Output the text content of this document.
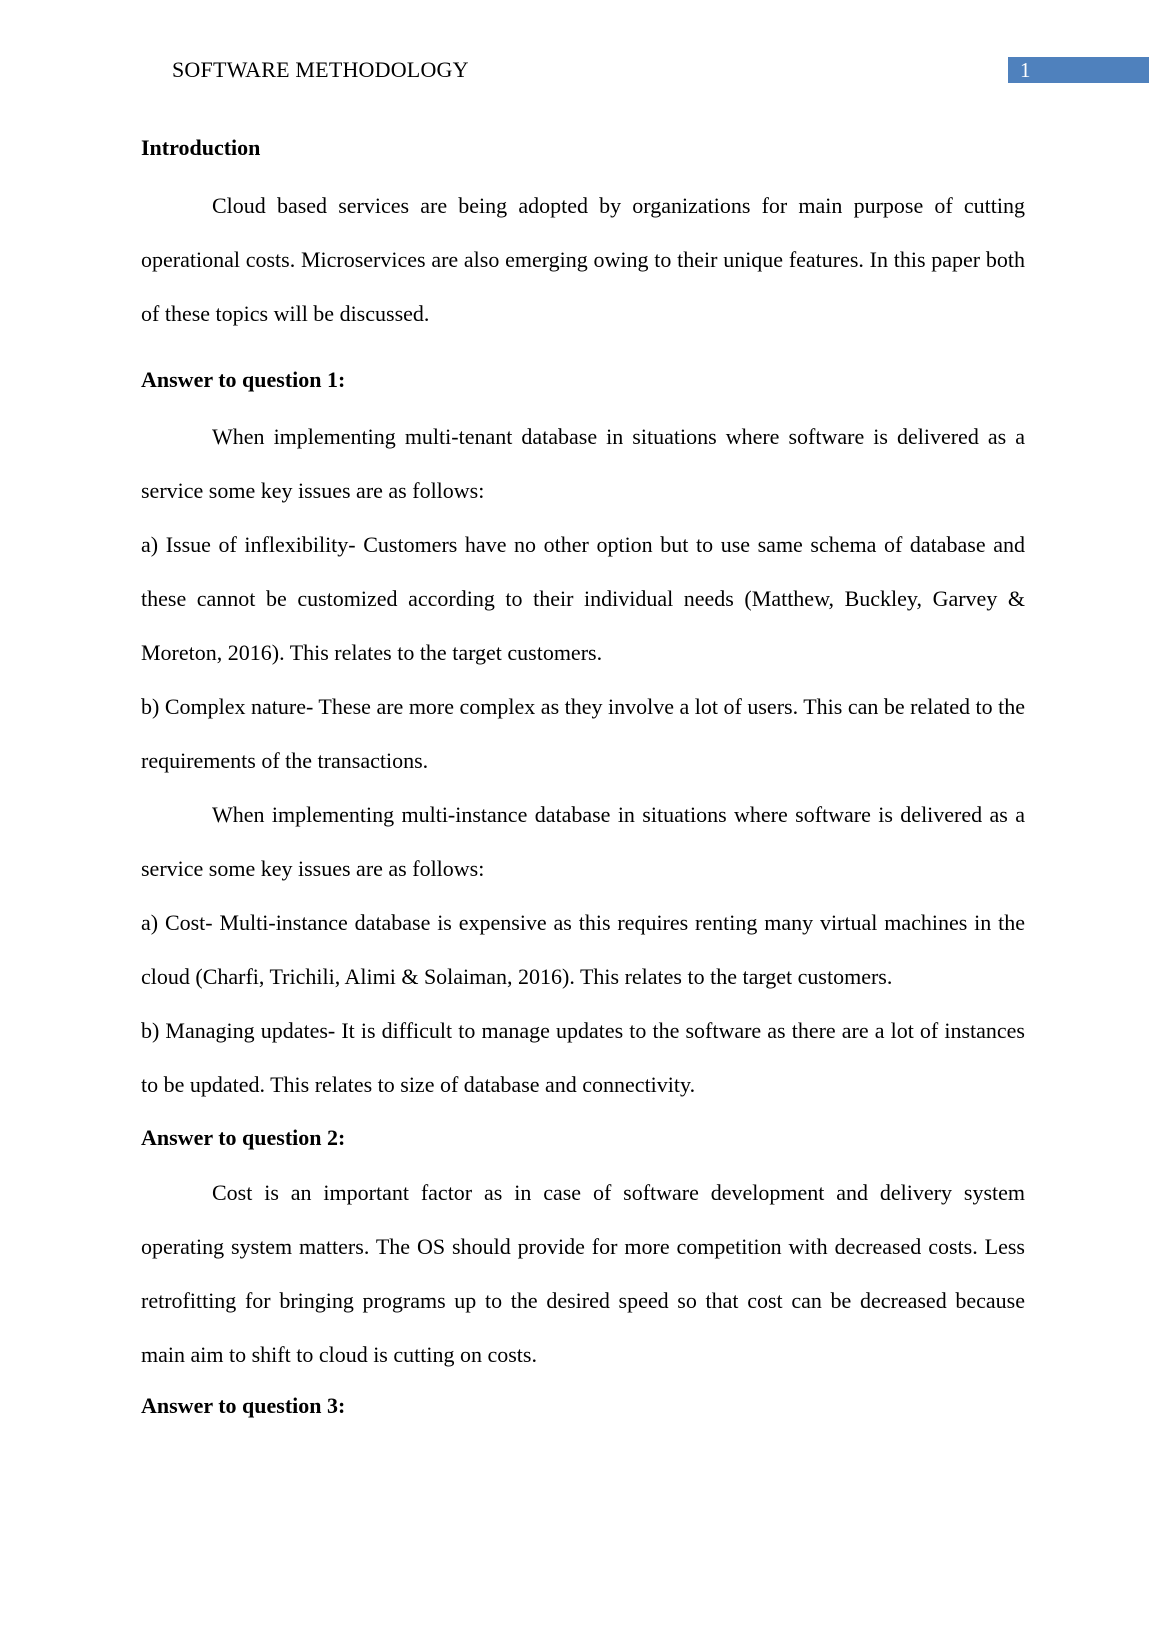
SOFTWARE METHODOLOGY	1
Introduction

Cloud based services are being adopted by organizations for main purpose of cutting operational costs. Microservices are also emerging owing to their unique features. In this paper both of these topics will be discussed.

Answer to question 1:

When implementing multi-tenant database in situations where software is delivered as a service some key issues are as follows:

a) Issue of inflexibility- Customers have no other option but to use same schema of database and these cannot be customized according to their individual needs (Matthew, Buckley, Garvey & Moreton, 2016). This relates to the target customers.

b) Complex nature- These are more complex as they involve a lot of users. This can be related to the requirements of the transactions.

When implementing multi-instance database in situations where software is delivered as a service some key issues are as follows:

a) Cost- Multi-instance database is expensive as this requires renting many virtual machines in the cloud (Charfi, Trichili, Alimi & Solaiman, 2016). This relates to the target customers.

b) Managing updates- It is difficult to manage updates to the software as there are a lot of instances to be updated. This relates to size of database and connectivity.

Answer to question 2:

Cost is an important factor as in case of software development and delivery system operating system matters. The OS should provide for more competition with decreased costs. Less retrofitting for bringing programs up to the desired speed so that cost can be decreased because main aim to shift to cloud is cutting on costs.

Answer to question 3:
